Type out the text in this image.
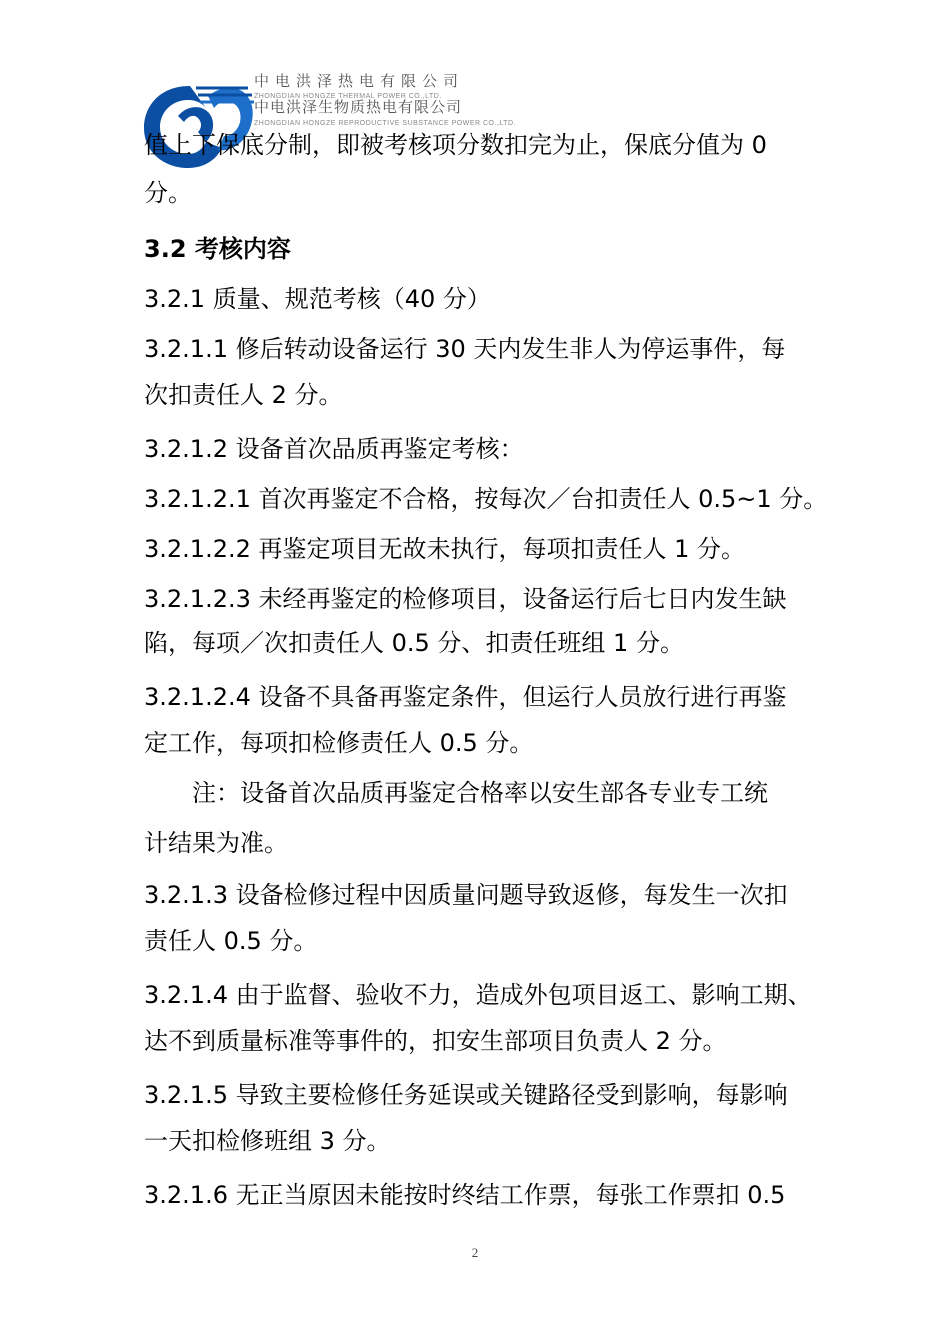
中电洪泽热电有限公司
ZHONGDIAN HONGZE THERMAL POWER CO.,LTD.
中电洪泽生物质热电有限公司
ZHONGDIAN HONGZE REPRODUCTIVE SUBSTANCE POWER CO.,LTD.
值上下保底分制，即被考核项分数扣完为止，保底分值为 0
分。
3.2 考核内容
3.2.1 质量、规范考核（40 分）
3.2.1.1 修后转动设备运行 30 天内发生非人为停运事件，每
次扣责任人 2 分。
3.2.1.2 设备首次品质再鉴定考核：
3.2.1.2.1 首次再鉴定不合格，按每次／台扣责任人 0.5~1 分。
3.2.1.2.2 再鉴定项目无故未执行，每项扣责任人 1 分。
3.2.1.2.3 未经再鉴定的检修项目，设备运行后七日内发生缺
陷，每项／次扣责任人 0.5 分、扣责任班组 1 分。
3.2.1.2.4 设备不具备再鉴定条件，但运行人员放行进行再鉴
定工作，每项扣检修责任人 0.5 分。
注：设备首次品质再鉴定合格率以安生部各专业专工统
计结果为准。
3.2.1.3 设备检修过程中因质量问题导致返修，每发生一次扣
责任人 0.5 分。
3.2.1.4 由于监督、验收不力，造成外包项目返工、影响工期、
达不到质量标准等事件的，扣安生部项目负责人 2 分。
3.2.1.5 导致主要检修任务延误或关键路径受到影响，每影响
一天扣检修班组 3 分。
3.2.1.6 无正当原因未能按时终结工作票，每张工作票扣 0.5
2
